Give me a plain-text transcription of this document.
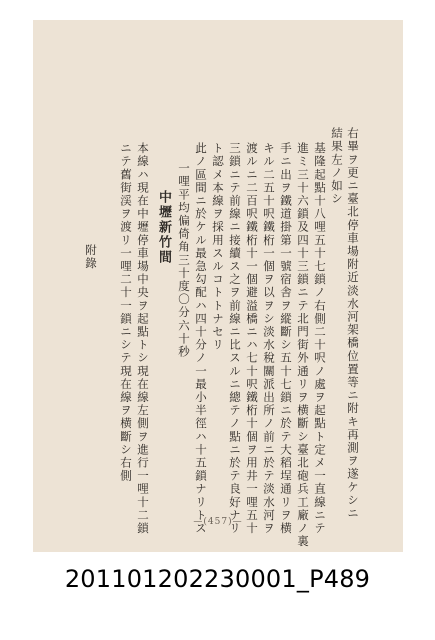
右畢ヲ更ニ臺北停車場附近淡水河架橋位置等ニ附キ再測ヲ遂ケシニ
結果左ノ如シ
基隆起點十八哩五十七鎖ノ右側二十呎ノ處ヲ起點ト定メ一直線ニテ
進ミ三十六鎖及四十三鎖ニテ北門街外通リヲ横斷シ臺北砲兵工廠ノ裏
手ニ出ヲ鐵道掛第一號宿舎ヲ縱斷シ五十七鎖ニ於テ大稻埕通リヲ横
キル二五十呎鐵桁一個ヲ以ヲシ淡水稅關派出所ノ前ニ於テ淡水河ヲ
渡ルニ二百呎鐵桁十一個避溢橋ニハ七十呎鐵桁十個ヲ用井一哩五十
三鎖ニテ前線ニ接續ス之ヲ前線ニ比スルニ總テノ點ニ於テ良好ナリ
ト認メ本線ヲ採用スルコトトナセリ
此ノ區間ニ於ケル最急勾配ハ四十分ノ一最小半徑ハ十五鎖ナリトス
一哩平均偏倚角三十度〇分六十秒
中壢新竹間
本線ハ現在中壢停車場中央ヲ起點トシ現在線左側ヲ進行一哩十二鎖
ニテ舊街渓ヲ渡リ一哩二十一鎖ニシテ現在線ヲ横斷シ右側
附錄
—(457)—
201101202230001_P489
